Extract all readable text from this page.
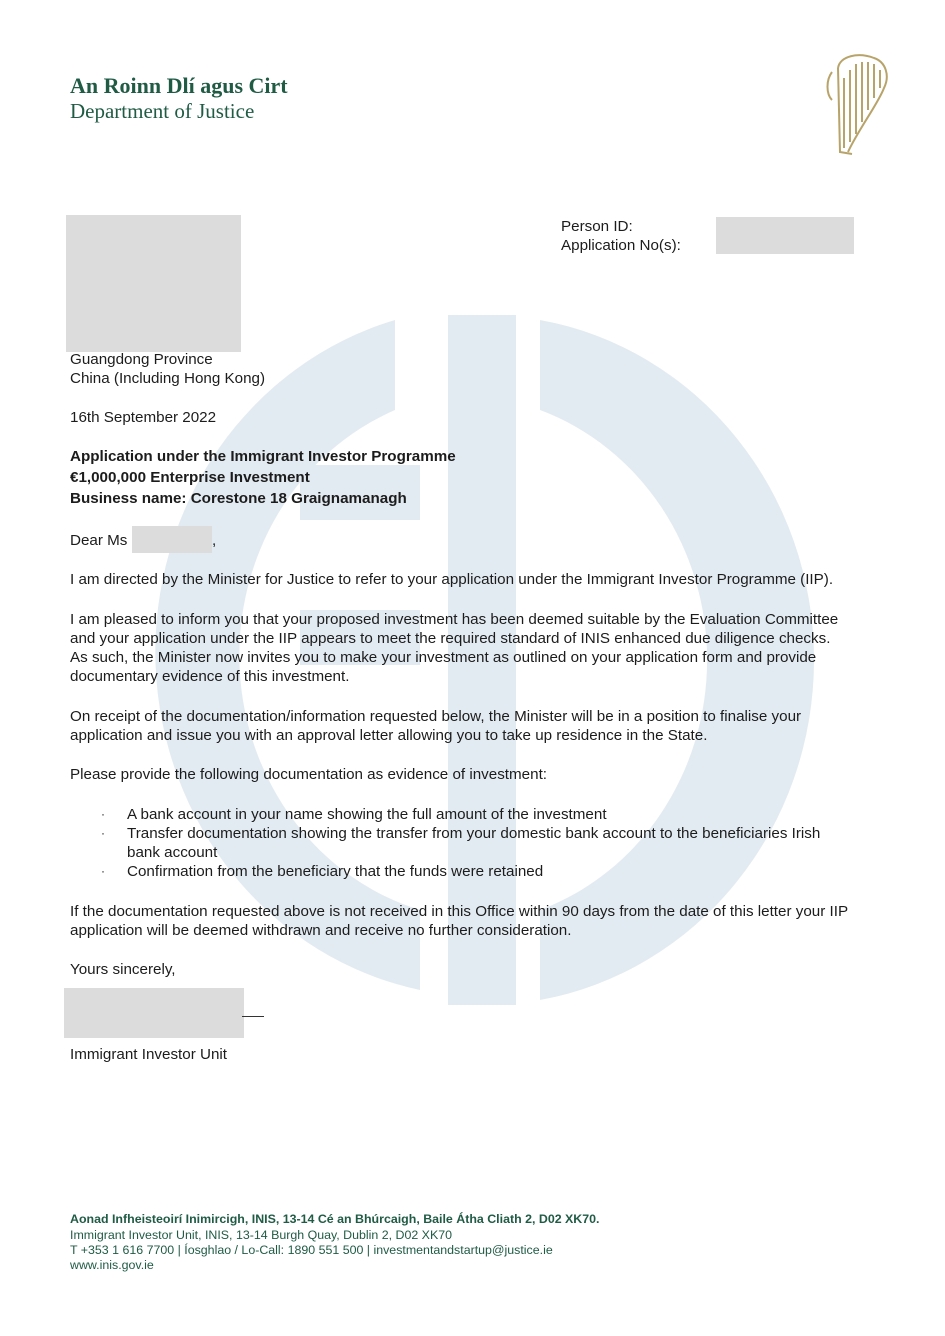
An Roinn Dlí agus Cirt
Department of Justice
Person ID:
Application No(s):
Guangdong Province
China (Including Hong Kong)
16th September 2022
Application under the Immigrant Investor Programme
€1,000,000 Enterprise Investment
Business name: Corestone 18 Graignamanagh
Dear Ms	,
I am directed by the Minister for Justice to refer to your application under the Immigrant Investor Programme (IIP).
I am pleased to inform you that your proposed investment has been deemed suitable by the Evaluation Committee
and your application under the IIP appears to meet the required standard of INIS enhanced due diligence checks.
As such, the Minister now invites you to make your investment as outlined on your application form and provide
documentary evidence of this investment.
On receipt of the documentation/information requested below, the Minister will be in a position to finalise your
application and issue you with an approval letter allowing you to take up residence in the State.
Please provide the following documentation as evidence of investment:
· A bank account in your name showing the full amount of the investment
· Transfer documentation showing the transfer from your domestic bank account to the beneficiaries Irish
bank account
· Confirmation from the beneficiary that the funds were retained
If the documentation requested above is not received in this Office within 90 days from the date of this letter your IIP
application will be deemed withdrawn and receive no further consideration.
Yours sincerely,
Immigrant Investor Unit
Aonad Infheisteoirí Inimircigh, INIS, 13-14 Cé an Bhúrcaigh, Baile Átha Cliath 2, D02 XK70.
Immigrant Investor Unit, INIS, 13-14 Burgh Quay, Dublin 2, D02 XK70
T +353 1 616 7700 | Íosghlao / Lo-Call: 1890 551 500 | investmentandstartup@justice.ie
www.inis.gov.ie
